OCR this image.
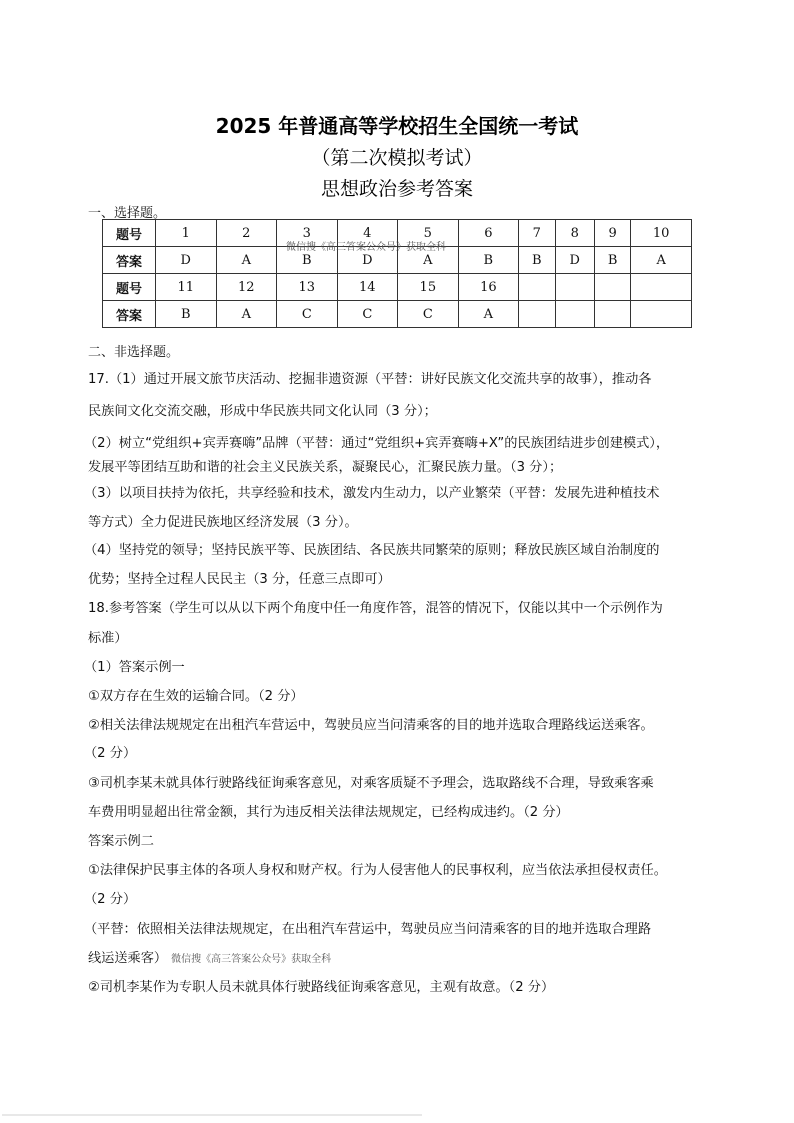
2025 年普通高等学校招生全国统一考试
（第二次模拟考试）
思想政治参考答案
一、选择题。
题号	1	2	3	4	5	6	7	8	9	10
答案	D	A	B	D	A	B	B	D	B	A
题号	11	12	13	14	15	16				
答案	B	A	C	C	C	A				
微信搜《高三答案公众号》获取全科
二、非选择题。
17.（1）通过开展文旅节庆活动、挖掘非遗资源（平替：讲好民族文化交流共享的故事），推动各
民族间文化交流交融，形成中华民族共同文化认同（3 分）；
（2）树立“党组织+宾弄赛嗨”品牌（平替：通过“党组织+宾弄赛嗨+X”的民族团结进步创建模式），
发展平等团结互助和谐的社会主义民族关系，凝聚民心，汇聚民族力量。（3 分）；
（3）以项目扶持为依托，共享经验和技术，激发内生动力，以产业繁荣（平替：发展先进种植技术
等方式）全力促进民族地区经济发展（3 分）。
（4）坚持党的领导；坚持民族平等、民族团结、各民族共同繁荣的原则；释放民族区域自治制度的
优势；坚持全过程人民民主（3 分，任意三点即可）
18.参考答案（学生可以从以下两个角度中任一角度作答，混答的情况下，仅能以其中一个示例作为
标准）
（1）答案示例一
①双方存在生效的运输合同。（2 分）
②相关法律法规规定在出租汽车营运中，驾驶员应当问清乘客的目的地并选取合理路线运送乘客。
（2 分）
③司机李某未就具体行驶路线征询乘客意见，对乘客质疑不予理会，选取路线不合理，导致乘客乘
车费用明显超出往常金额，其行为违反相关法律法规规定，已经构成违约。（2 分）
答案示例二
①法律保护民事主体的各项人身权和财产权。行为人侵害他人的民事权利，应当依法承担侵权责任。
（2 分）
（平替：依照相关法律法规规定，在出租汽车营运中，驾驶员应当问清乘客的目的地并选取合理路
线运送乘客） 微信搜《高三答案公众号》获取全科
②司机李某作为专职人员未就具体行驶路线征询乘客意见，主观有故意。（2 分）
